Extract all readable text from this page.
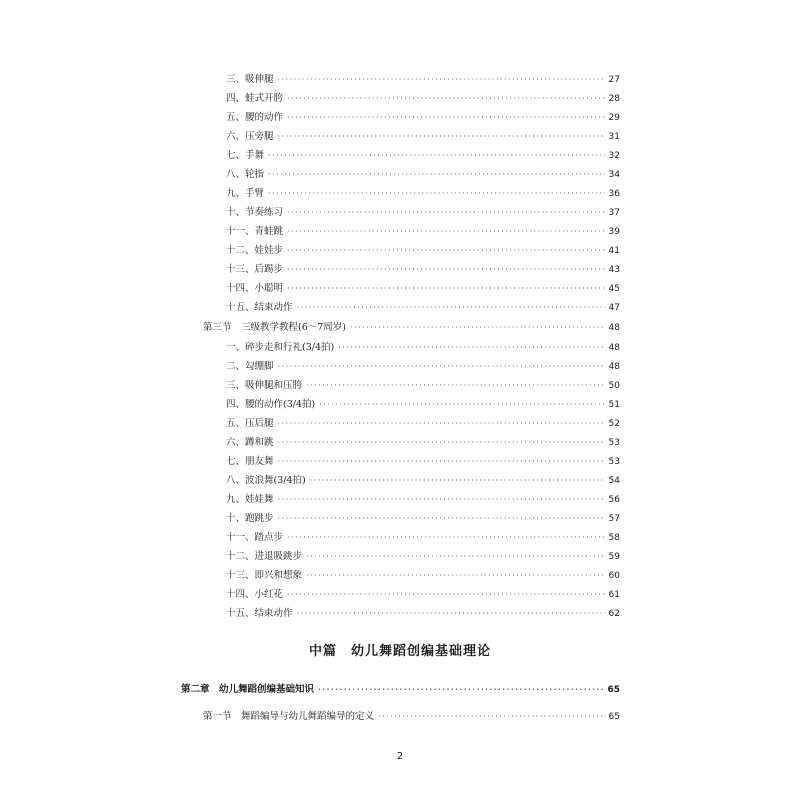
三、吸伸腿 ·····	27
四、蛙式开胯 ·····	28
五、腰的动作 ·····	29
六、压旁腿 ·····	31
七、手舞 ·····	32
八、轮指 ·····	34
九、手臂 ·····	36
十、节奏练习 ·····	37
十一、青蛙跳 ·····	39
十二、娃娃步 ·····	41
十三、后踢步 ·····	43
十四、小聪明 ·····	45
十五、结束动作 ·····	47
第三节　三级教学教程(6～7周岁) ·····	48
一、碎步走和行礼(3/4拍) ·····	48
二、勾绷脚 ·····	48
三、吸伸腿和压胯 ·····	50
四、腰的动作(3/4拍) ·····	51
五、压后腿 ·····	52
六、蹲和跳 ·····	53
七、朋友舞 ·····	53
八、波浪舞(3/4拍) ·····	54
九、娃娃舞 ·····	56
十、跑跳步 ·····	57
十一、踏点步 ·····	58
十二、进退吸跳步 ·····	59
十三、即兴和想象 ·····	60
十四、小红花 ·····	61
十五、结束动作 ·····	62
中篇　幼儿舞蹈创编基础理论
第二章　幼儿舞蹈创编基础知识 ·····	65
第一节　舞蹈编导与幼儿舞蹈编导的定义 ·····	65
2
